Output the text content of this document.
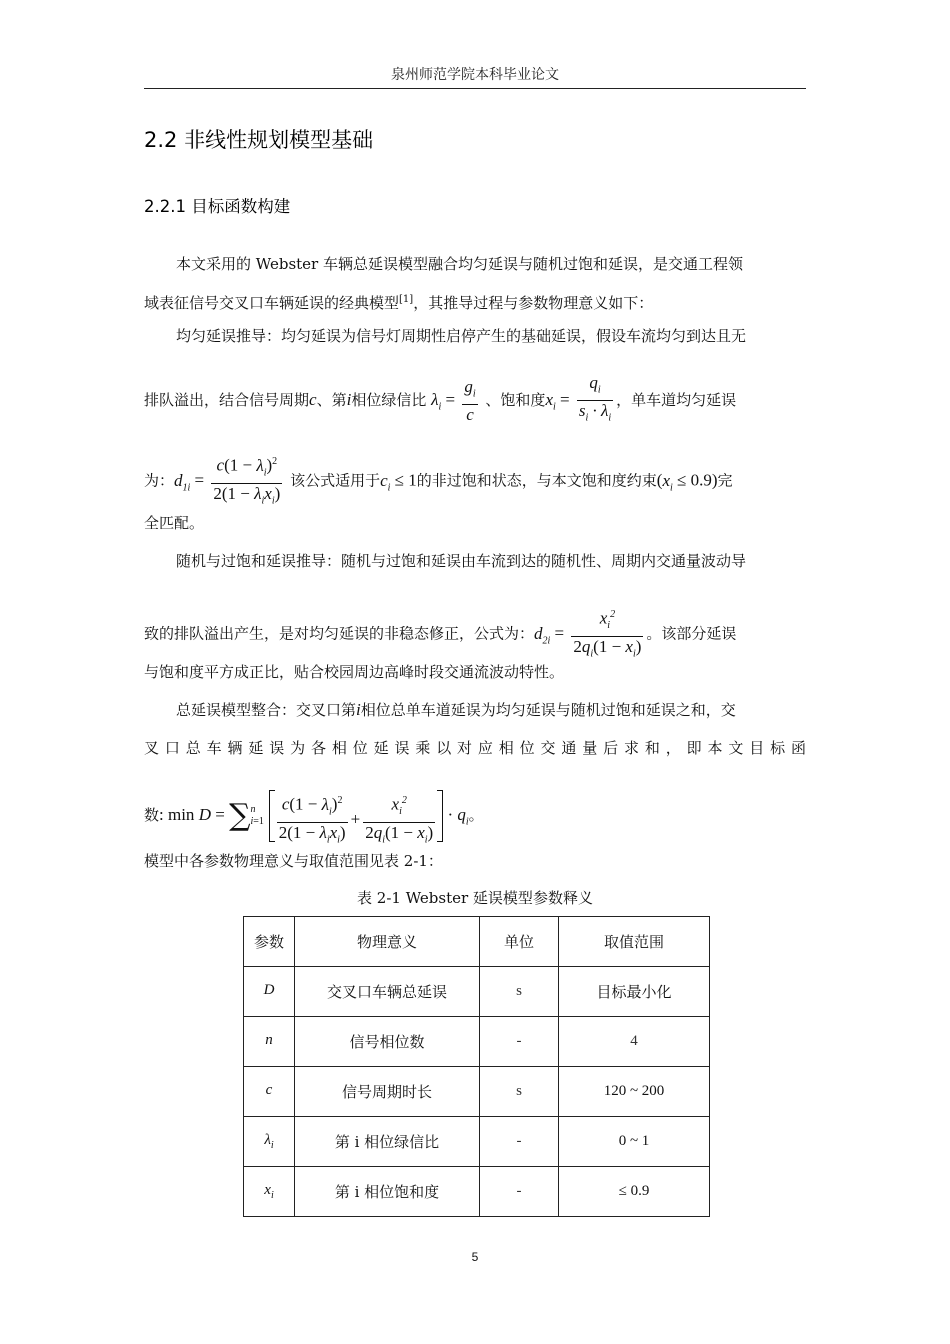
泉州师范学院本科毕业论文
2.2 非线性规划模型基础
2.2.1 目标函数构建
本文采用的 Webster 车辆总延误模型融合均匀延误与随机过饱和延误，是交通工程领
域表征信号交叉口车辆延误的经典模型[1]，其推导过程与参数物理意义如下：
均匀延误推导：均匀延误为信号灯周期性启停产生的基础延误，假设车流均匀到达且无
排队溢出，结合信号周期c、第i相位绿信比 $\lambda_i = \frac{g_i}{c}$ 、饱和度$x_i = \frac{q_i}{s_i \cdot \lambda_i}$ ，单车道均匀延误
为：$d_{1i} = \frac{c(1 - \lambda_i)^2}{2(1 - \lambda_ix_i)}$ 该公式适用于$c_i \le 1$的非过饱和状态，与本文饱和度约束$(x_i \le 0.9)$完
全匹配。
随机与过饱和延误推导：随机与过饱和延误由车流到达的随机性、周期内交通量波动导
致的排队溢出产生，是对均匀延误的非稳态修正，公式为：$d_{2i} = \frac{x_i^2}{2q_i(1 - x_i)}$ 。该部分延误
与饱和度平方成正比，贴合校园周边高峰时段交通流波动特性。
总延误模型整合：交叉口第i相位总单车道延误为均匀延误与随机过饱和延误之和，交
叉口总车辆延误为各相位延误乘以对应相位交通量后求和，即本文目标函
数: min D = ∑n
$i=1 \frac{c(1 - \lambda_i)^2}{2(1 - \lambda_ix_i)} + \frac{x_i^2}{2q_i(1 - x_i)} \cdot q_i$。
模型中各参数物理意义与取值范围见表 2-1：
表 2-1 Webster 延误模型参数释义
参数	物理意义	单位	取值范围
D	交叉口车辆总延误	s	目标最小化
n	信号相位数	-	4
c	信号周期时长	s	120 ~ 200
$\lambda_i$	第 i 相位绿信比	-	0 ~ 1
$x_i$	第 i 相位饱和度	-	≤ 0.9
5
